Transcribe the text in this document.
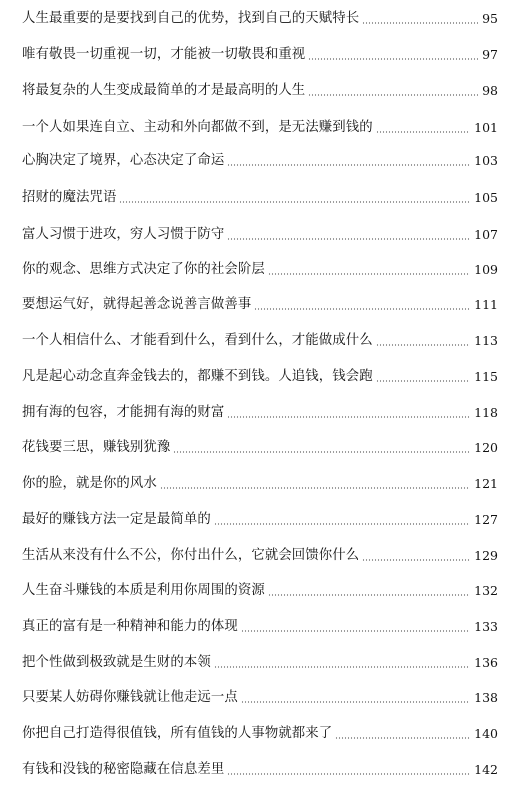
人生最重要的是要找到自己的优势，找到自己的天赋特长	95
唯有敬畏一切重视一切，才能被一切敬畏和重视	97
将最复杂的人生变成最简单的才是最高明的人生	98
一个人如果连自立、主动和外向都做不到，是无法赚到钱的	101
心胸决定了境界，心态决定了命运	103
招财的魔法咒语	105
富人习惯于进攻，穷人习惯于防守	107
你的观念、思维方式决定了你的社会阶层	109
要想运气好，就得起善念说善言做善事	111
一个人相信什么、才能看到什么，看到什么，才能做成什么	113
凡是起心动念直奔金钱去的，都赚不到钱。人追钱，钱会跑	115
拥有海的包容，才能拥有海的财富	118
花钱要三思，赚钱别犹豫	120
你的脸，就是你的风水	121
最好的赚钱方法一定是最简单的	127
生活从来没有什么不公，你付出什么，它就会回馈你什么	129
人生奋斗赚钱的本质是利用你周围的资源	132
真正的富有是一种精神和能力的体现	133
把个性做到极致就是生财的本领	136
只要某人妨碍你赚钱就让他走远一点	138
你把自己打造得很值钱，所有值钱的人事物就都来了	140
有钱和没钱的秘密隐藏在信息差里	142
